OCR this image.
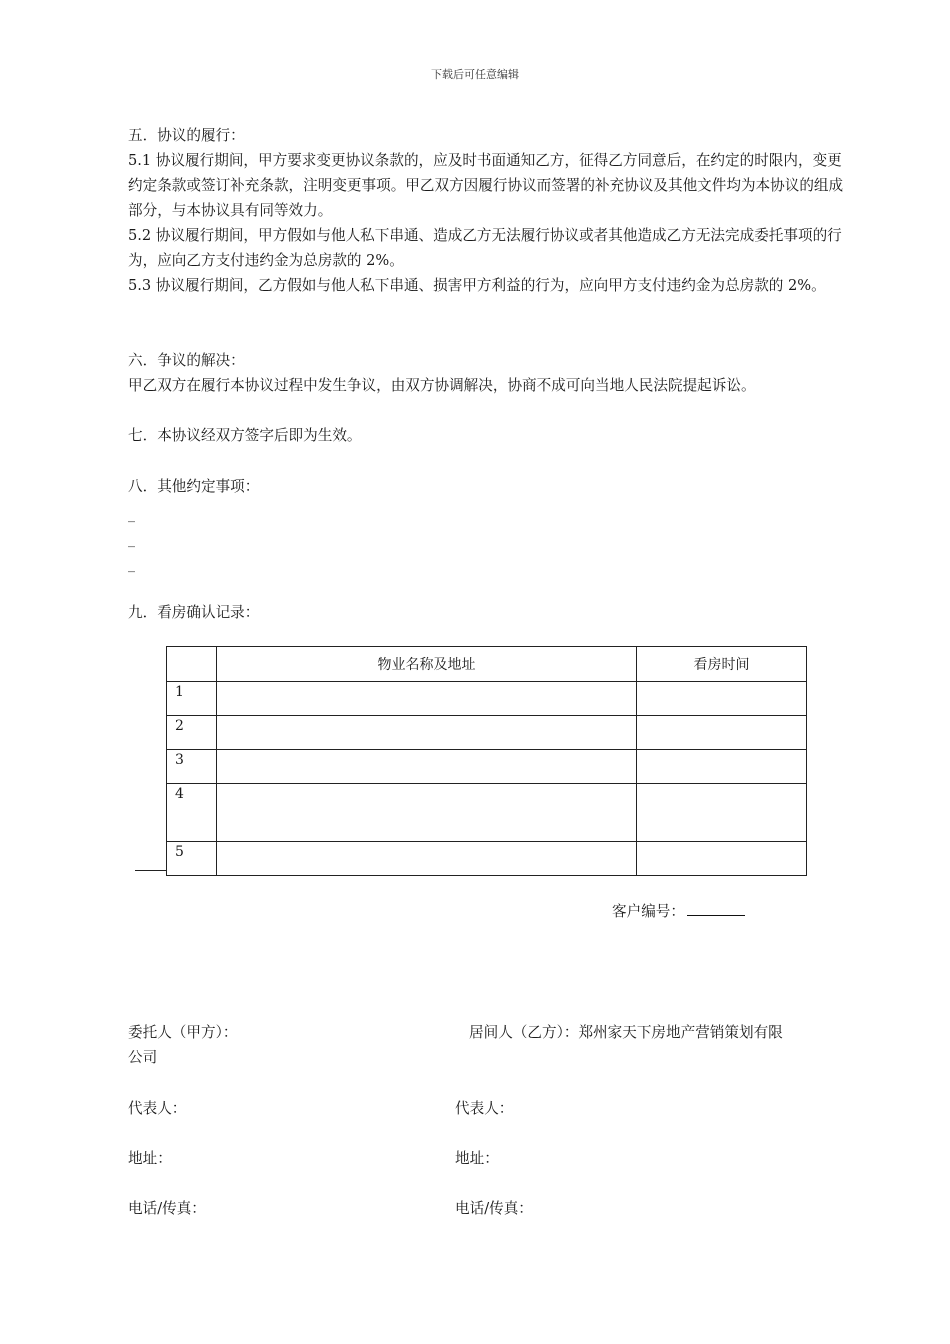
下载后可任意编辑

五．协议的履行：

5.1 协议履行期间，甲方要求变更协议条款的，应及时书面通知乙方，征得乙方同意后，在约定的时限内，变更约定条款或签订补充条款，注明变更事项。甲乙双方因履行协议而签署的补充协议及其他文件均为本协议的组成部分，与本协议具有同等效力。

5.2 协议履行期间，甲方假如与他人私下串通、造成乙方无法履行协议或者其他造成乙方无法完成委托事项的行为，应向乙方支付违约金为总房款的 2%。

5.3 协议履行期间，乙方假如与他人私下串通、损害甲方利益的行为，应向甲方支付违约金为总房款的 2%。

六．争议的解决：

甲乙双方在履行本协议过程中发生争议，由双方协调解决，协商不成可向当地人民法院提起诉讼。

七．本协议经双方签字后即为生效。

八．其他约定事项：

_
_
_

九．看房确认记录：

	物业名称及地址	看房时间
1		
2		
3		
4		
5		
客户编号：
委托人（甲方）：	居间人（乙方）：郑州家天下房地产营销策划有限
公司
代表人：	代表人：
地址：	地址：
电话/传真：	电话/传真：
